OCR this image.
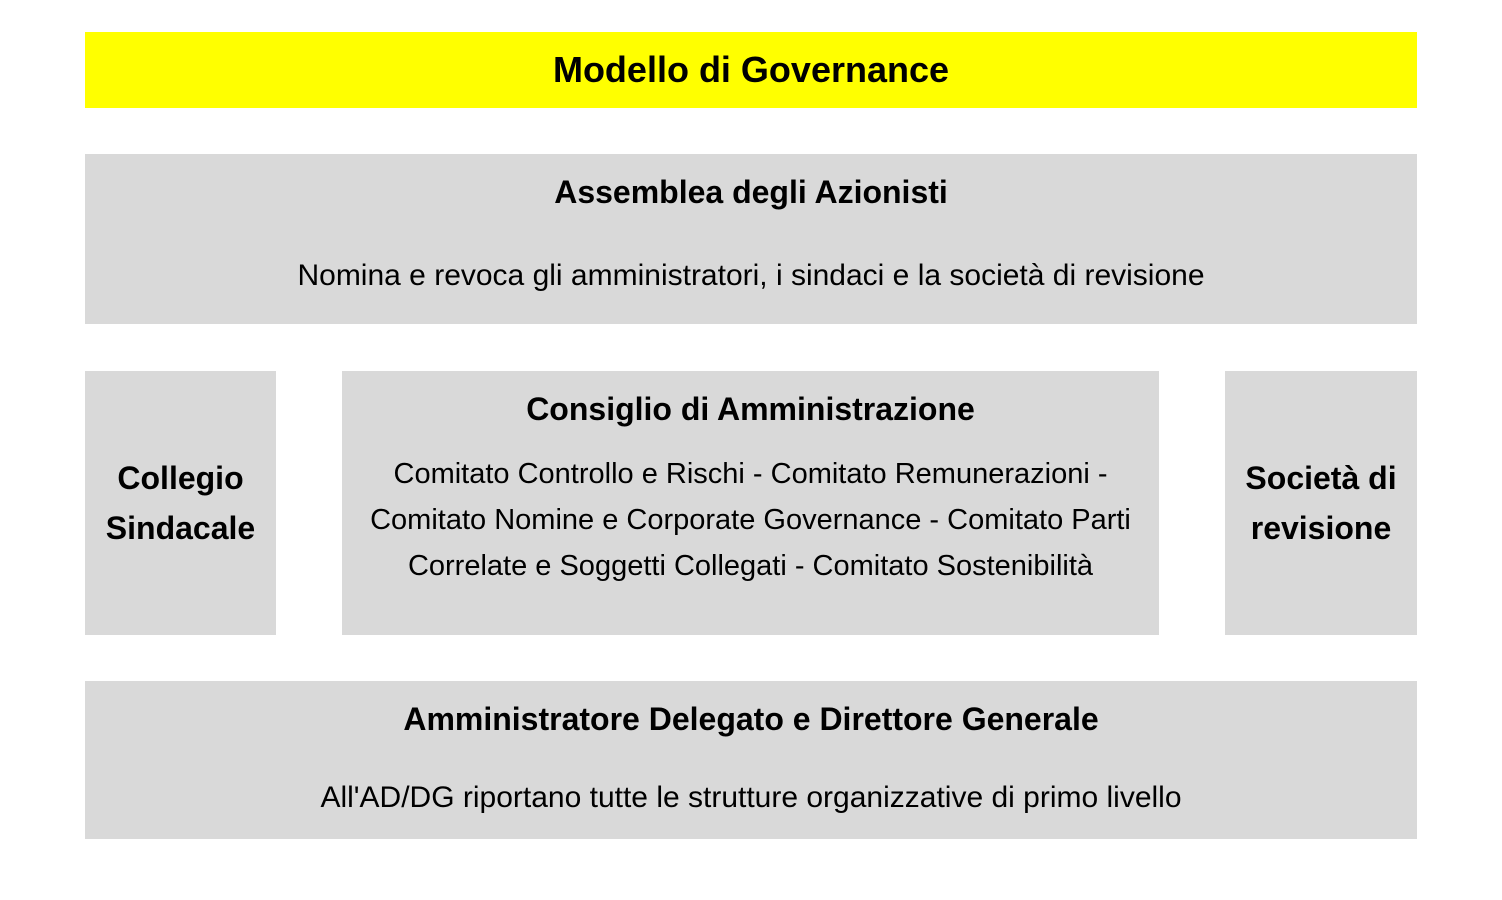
Modello di Governance
Assemblea degli Azionisti
Nomina e revoca gli amministratori, i sindaci e la società di revisione
Collegio Sindacale
Consiglio di Amministrazione
Comitato Controllo e Rischi - Comitato Remunerazioni - Comitato Nomine e Corporate Governance - Comitato Parti Correlate e Soggetti Collegati - Comitato Sostenibilità
Società di revisione
Amministratore Delegato e Direttore Generale
All'AD/DG riportano tutte le strutture organizzative di primo livello
